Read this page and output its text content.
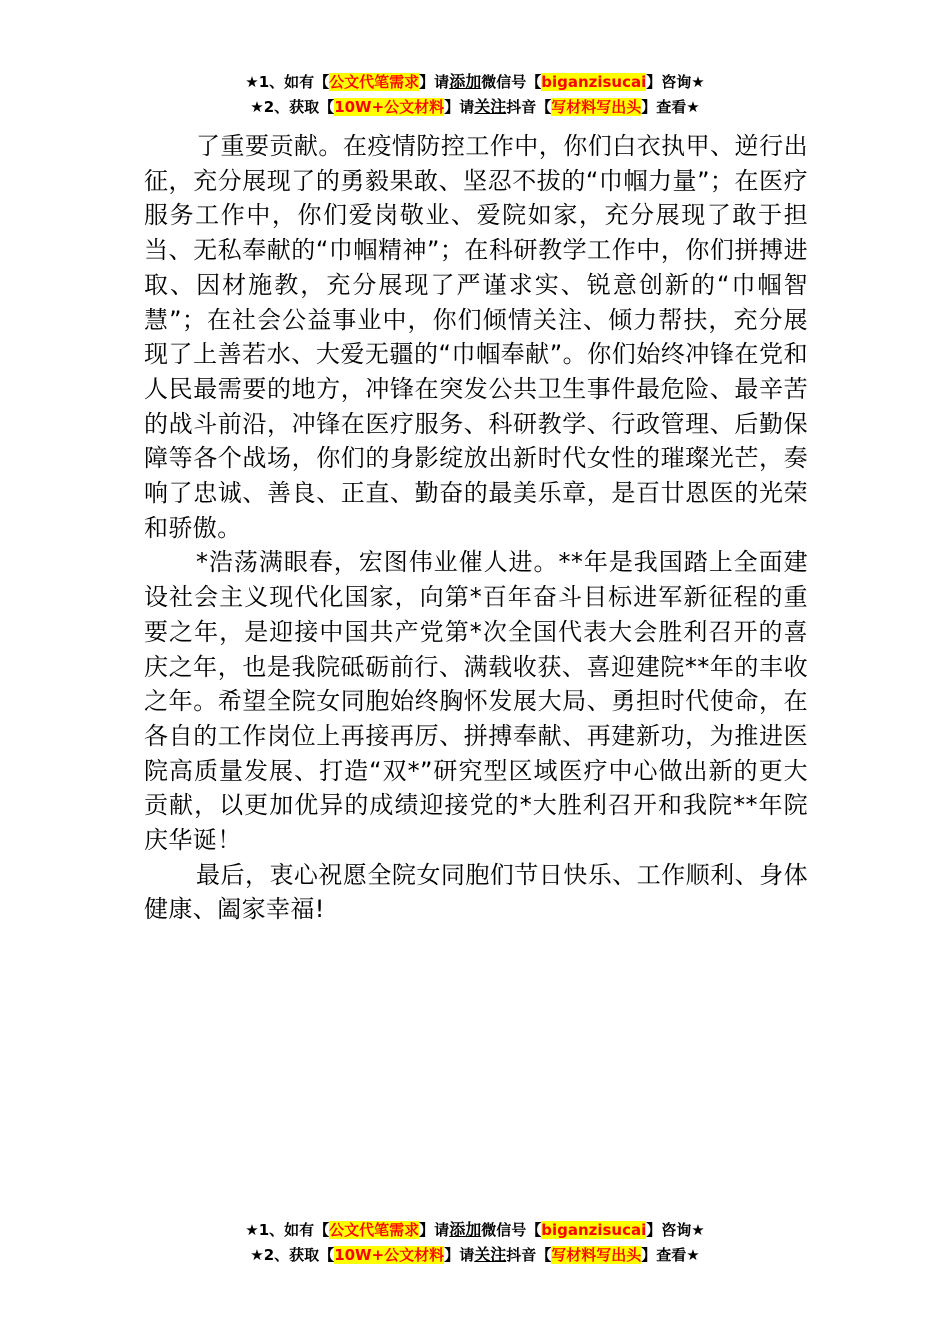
★1、如有【公文代笔需求】请添加微信号【biganzisucai】咨询★
★2、获取【10W+公文材料】请关注抖音【写材料写出头】查看★

了重要贡献。在疫情防控工作中，你们白衣执甲、逆行出征，充分展现了的勇毅果敢、坚忍不拔的“巾帼力量”；在医疗服务工作中，你们爱岗敬业、爱院如家，充分展现了敢于担当、无私奉献的“巾帼精神”；在科研教学工作中，你们拼搏进取、因材施教，充分展现了严谨求实、锐意创新的“巾帼智慧”；在社会公益事业中，你们倾情关注、倾力帮扶，充分展现了上善若水、大爱无疆的“巾帼奉献”。你们始终冲锋在党和人民最需要的地方，冲锋在突发公共卫生事件最危险、最辛苦的战斗前沿，冲锋在医疗服务、科研教学、行政管理、后勤保障等各个战场，你们的身影绽放出新时代女性的璀璨光芒，奏响了忠诚、善良、正直、勤奋的最美乐章，是百廿恩医的光荣和骄傲。

*浩荡满眼春，宏图伟业催人进。**年是我国踏上全面建设社会主义现代化国家，向第*百年奋斗目标进军新征程的重要之年，是迎接中国共产党第*次全国代表大会胜利召开的喜庆之年，也是我院砥砺前行、满载收获、喜迎建院**年的丰收之年。希望全院女同胞始终胸怀发展大局、勇担时代使命，在各自的工作岗位上再接再厉、拼搏奉献、再建新功，为推进医院高质量发展、打造“双*”研究型区域医疗中心做出新的更大贡献，以更加优异的成绩迎接党的*大胜利召开和我院**年院庆华诞！

最后，衷心祝愿全院女同胞们节日快乐、工作顺利、身体健康、阖家幸福!

★1、如有【公文代笔需求】请添加微信号【biganzisucai】咨询★
★2、获取【10W+公文材料】请关注抖音【写材料写出头】查看★
